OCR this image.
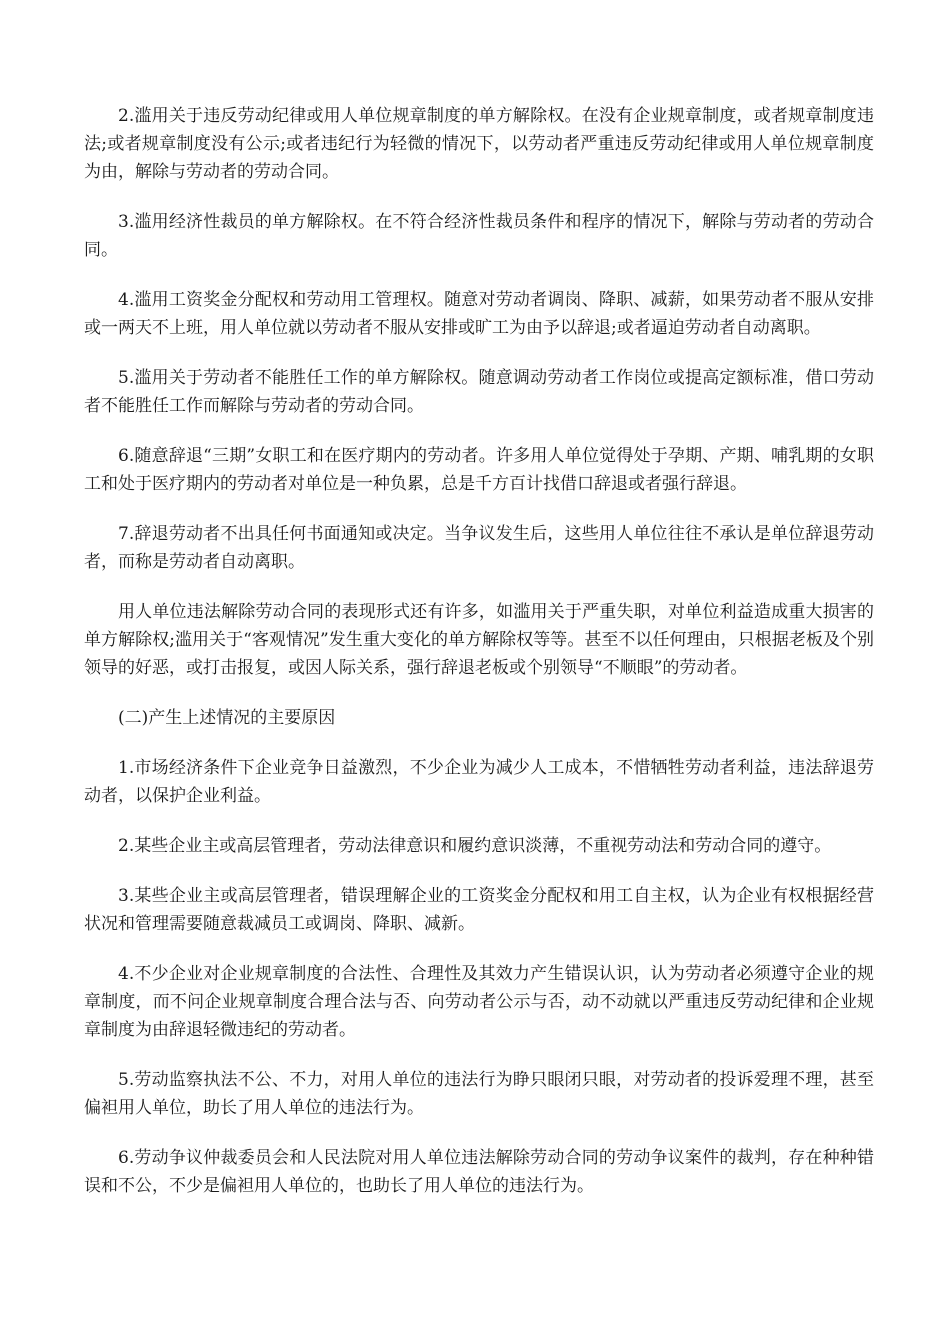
2.滥用关于违反劳动纪律或用人单位规章制度的单方解除权。在没有企业规章制度，或者规章制度违法;或者规章制度没有公示;或者违纪行为轻微的情况下，以劳动者严重违反劳动纪律或用人单位规章制度为由，解除与劳动者的劳动合同。

3.滥用经济性裁员的单方解除权。在不符合经济性裁员条件和程序的情况下，解除与劳动者的劳动合同。

4.滥用工资奖金分配权和劳动用工管理权。随意对劳动者调岗、降职、减薪，如果劳动者不服从安排或一两天不上班，用人单位就以劳动者不服从安排或旷工为由予以辞退;或者逼迫劳动者自动离职。

5.滥用关于劳动者不能胜任工作的单方解除权。随意调动劳动者工作岗位或提高定额标准，借口劳动者不能胜任工作而解除与劳动者的劳动合同。

6.随意辞退“三期”女职工和在医疗期内的劳动者。许多用人单位觉得处于孕期、产期、哺乳期的女职工和处于医疗期内的劳动者对单位是一种负累，总是千方百计找借口辞退或者强行辞退。

7.辞退劳动者不出具任何书面通知或决定。当争议发生后，这些用人单位往往不承认是单位辞退劳动者，而称是劳动者自动离职。

用人单位违法解除劳动合同的表现形式还有许多，如滥用关于严重失职，对单位利益造成重大损害的单方解除权;滥用关于“客观情况”发生重大变化的单方解除权等等。甚至不以任何理由，只根据老板及个别领导的好恶，或打击报复，或因人际关系，强行辞退老板或个别领导“不顺眼”的劳动者。

(二)产生上述情况的主要原因

1.市场经济条件下企业竞争日益激烈，不少企业为减少人工成本，不惜牺牲劳动者利益，违法辞退劳动者，以保护企业利益。

2.某些企业主或高层管理者，劳动法律意识和履约意识淡薄，不重视劳动法和劳动合同的遵守。

3.某些企业主或高层管理者，错误理解企业的工资奖金分配权和用工自主权，认为企业有权根据经营状况和管理需要随意裁减员工或调岗、降职、减新。

4.不少企业对企业规章制度的合法性、合理性及其效力产生错误认识，认为劳动者必须遵守企业的规章制度，而不问企业规章制度合理合法与否、向劳动者公示与否，动不动就以严重违反劳动纪律和企业规章制度为由辞退轻微违纪的劳动者。

5.劳动监察执法不公、不力，对用人单位的违法行为睁只眼闭只眼，对劳动者的投诉爱理不理，甚至偏袒用人单位，助长了用人单位的违法行为。

6.劳动争议仲裁委员会和人民法院对用人单位违法解除劳动合同的劳动争议案件的裁判，存在种种错误和不公，不少是偏袒用人单位的，也助长了用人单位的违法行为。
